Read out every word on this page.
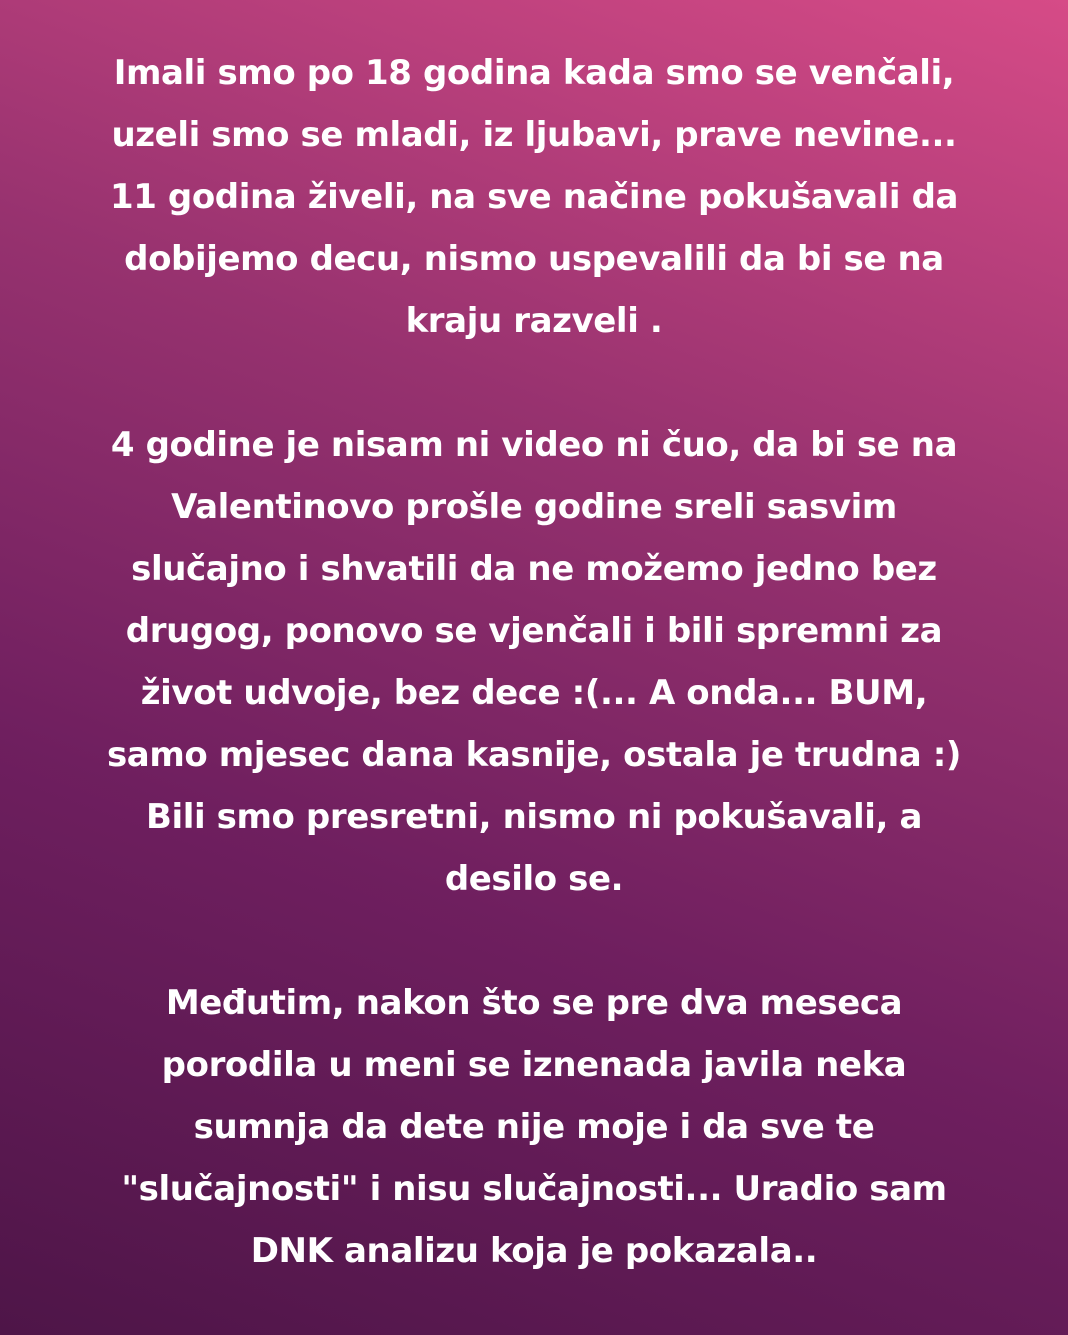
Imali smo po 18 godina kada smo se venčali,
uzeli smo se mladi, iz ljubavi, prave nevine...
11 godina živeli, na sve načine pokušavali da
dobijemo decu, nismo uspevalili da bi se na
kraju razveli .

4 godine je nisam ni video ni čuo, da bi se na
Valentinovo prošle godine sreli sasvim
slučajno i shvatili da ne možemo jedno bez
drugog, ponovo se vjenčali i bili spremni za
život udvoje, bez dece :(... A onda... BUM,
samo mjesec dana kasnije, ostala je trudna :)
Bili smo presretni, nismo ni pokušavali, a
desilo se.

Međutim, nakon što se pre dva meseca
porodila u meni se iznenada javila neka
sumnja da dete nije moje i da sve te
"slučajnosti" i nisu slučajnosti... Uradio sam
DNK analizu koja je pokazala..
